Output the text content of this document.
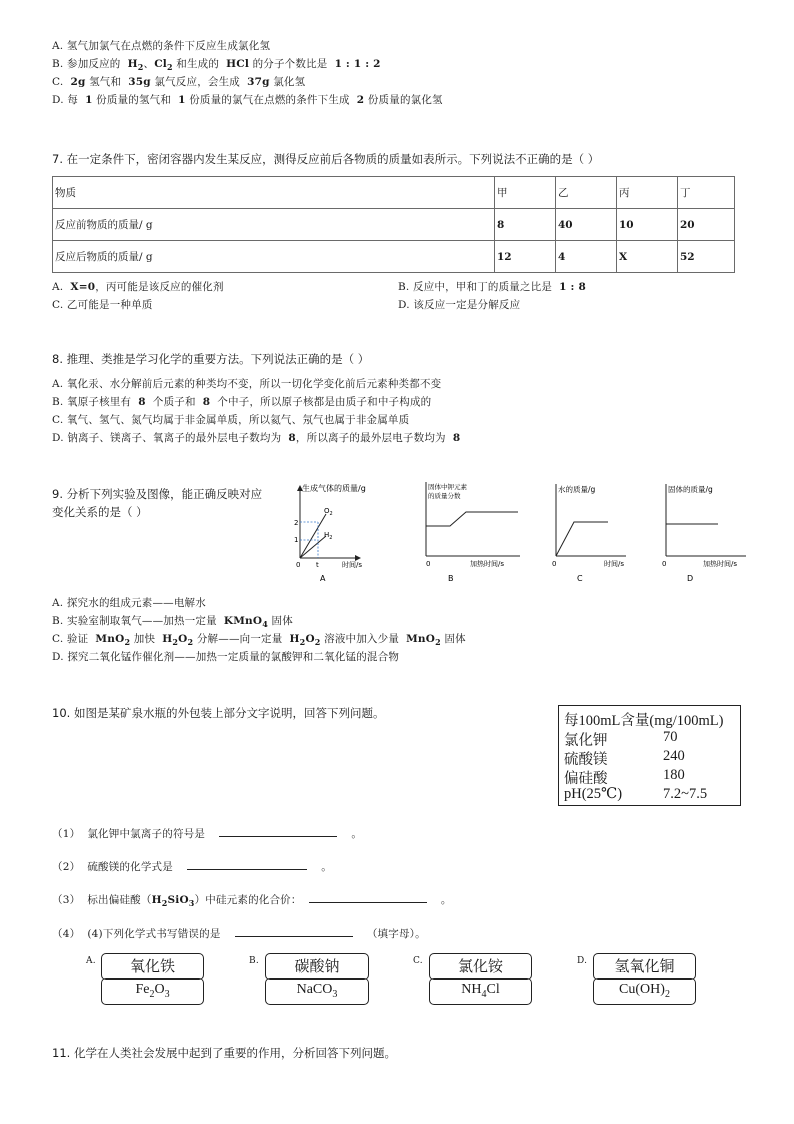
A. 氢气加氯气在点燃的条件下反应生成氯化氢
B. 参加反应的 $H_2$、$Cl_2$ 和生成的 HCl 的分子个数比是 1 : 1 : 2
C. 2g 氢气和 35g 氯气反应，会生成 37g 氯化氢
D. 每 1 份质量的氢气和 1 份质量的氯气在点燃的条件下生成 2 份质量的氯化氢
7. 在一定条件下，密闭容器内发生某反应，测得反应前后各物质的质量如表所示。下列说法不正确的是（ ）
物质	甲	乙	丙	丁
反应前物质的质量/ g	8	40	10	20
反应后物质的质量/ g	12	4	X	52
A. X=0，丙可能是该反应的催化剂	B. 反应中，甲和丁的质量之比是 1 : 8
C. 乙可能是一种单质	D. 该反应一定是分解反应
8. 推理、类推是学习化学的重要方法。下列说法正确的是（ ）
A. 氧化汞、水分解前后元素的种类均不变，所以一切化学变化前后元素种类都不变
B. 氧原子核里有 8 个质子和 8 个中子，所以原子核都是由质子和中子构成的
C. 氧气、氢气、氮气均属于非金属单质，所以氦气、氖气也属于非金属单质
D. 钠离子、镁离子、氧离子的最外层电子数均为 8，所以离子的最外层电子数均为 8
9. 分析下列实验及图像，能正确反映对应
变化关系的是（ ）
生成气体的质量/g
时间/s
2
1
0 t
$O_2$
$H_2$
A
固体中钾元素
的质量分数
加热时间/s
0
B
水的质量/g
时间/s
0
C
固体的质量/g
加热时间/s
0
D
A. 探究水的组成元素——电解水
B. 实验室制取氧气——加热一定量 KMnO$_4$ 固体
C. 验证 MnO$_2$ 加快 $H_2O_2$ 分解——向一定量 $H_2O_2$ 溶液中加入少量 MnO$_2$ 固体
D. 探究二氧化锰作催化剂——加热一定质量的氯酸钾和二氧化锰的混合物
10. 如图是某矿泉水瓶的外包装上部分文字说明，回答下列问题。	每100mL含量(mg/100mL)
氯化钾	70
硫酸镁	240
偏硅酸	180
pH(25℃)	7.2~7.5
（1） 氯化钾中氯离子的符号是	。
（2） 硫酸镁的化学式是	。
（3） 标出偏硅酸$(H_2SiO_3)$中硅元素的化合价：	。
（4） (4)下列化学式书写错误的是	（填字母）。
A.	氧化铁
$Fe_2O_3$
B.	碳酸钠
NaCO$_3$
C.	氯化铵
$NH_4Cl$
D.	氢氧化铜
$Cu(OH)_2$
11. 化学在人类社会发展中起到了重要的作用，分析回答下列问题。
